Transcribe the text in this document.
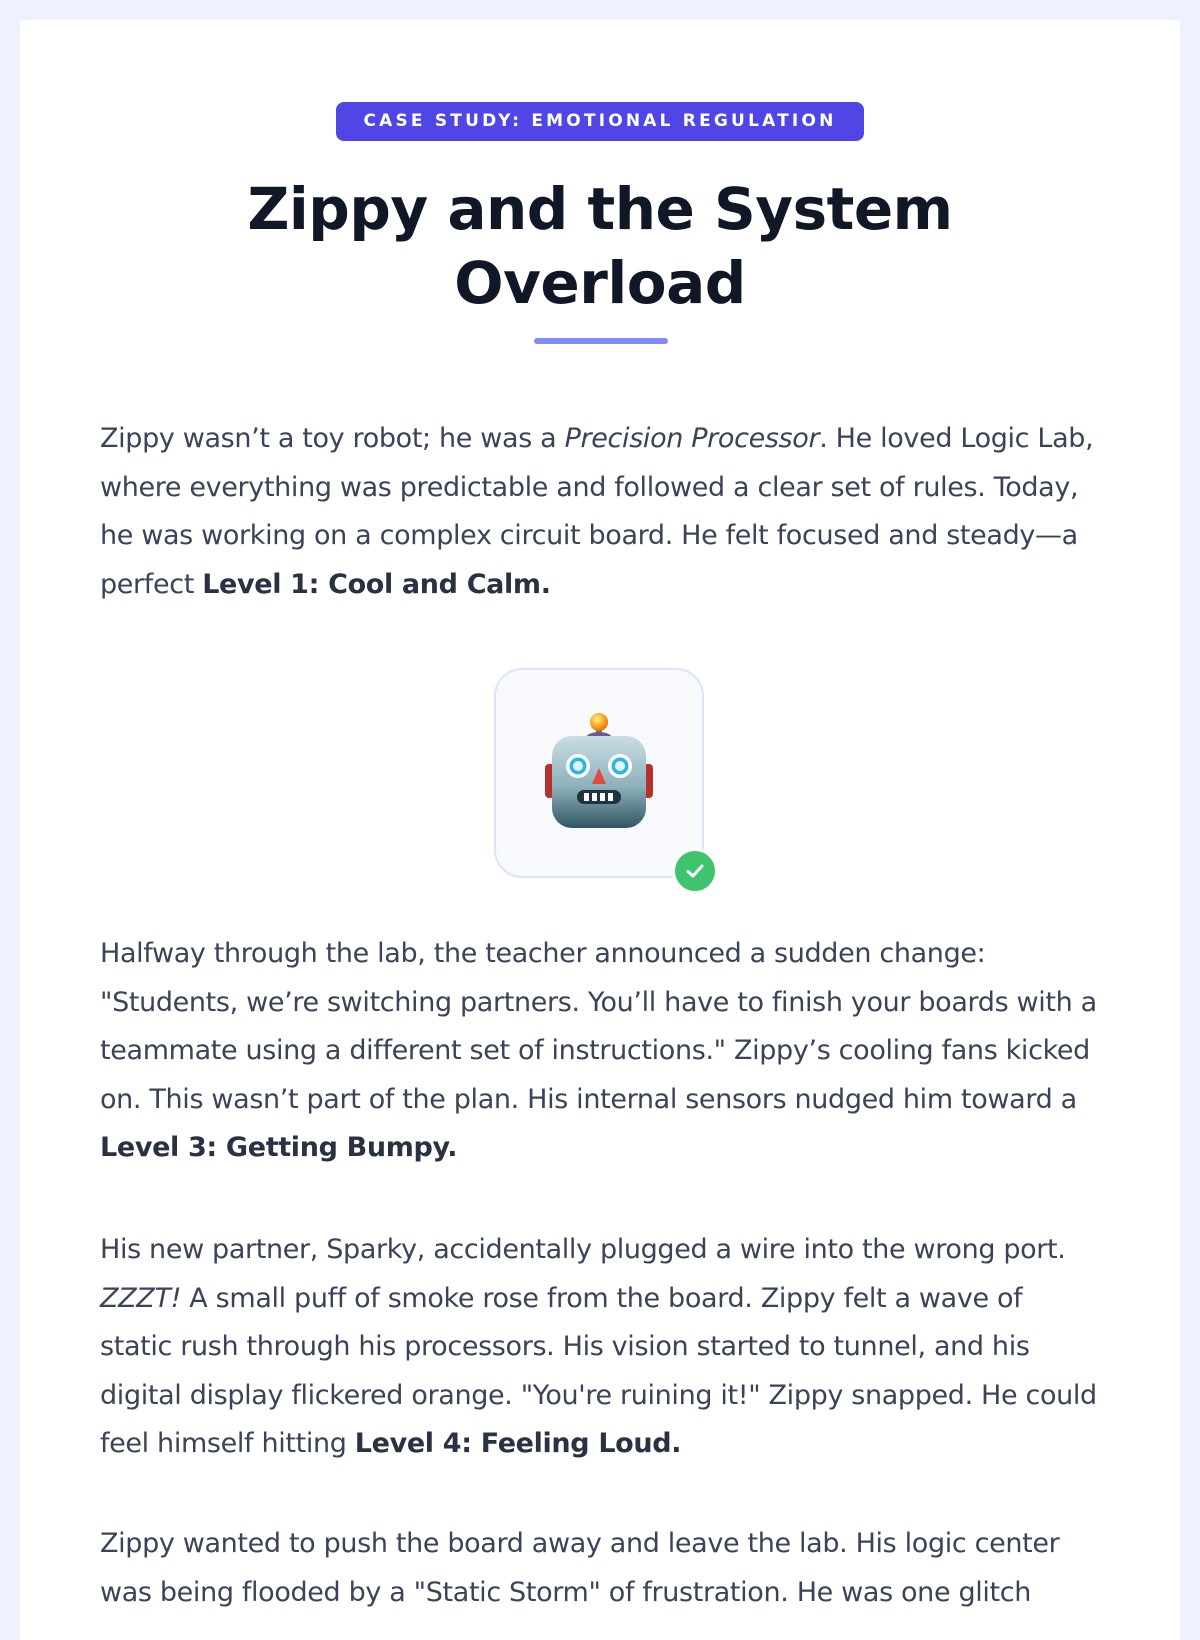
CASE STUDY: EMOTIONAL REGULATION
Zippy and the System
Overload

Zippy wasn’t a toy robot; he was a Precision Processor. He loved Logic Lab, where everything was predictable and followed a clear set of rules. Today, he was working on a complex circuit board. He felt focused and steady—a perfect Level 1: Cool and Calm.

Halfway through the lab, the teacher announced a sudden change: "Students, we’re switching partners. You’ll have to finish your boards with a teammate using a different set of instructions." Zippy’s cooling fans kicked on. This wasn’t part of the plan. His internal sensors nudged him toward a Level 3: Getting Bumpy.

His new partner, Sparky, accidentally plugged a wire into the wrong port. ZZZT! A small puff of smoke rose from the board. Zippy felt a wave of static rush through his processors. His vision started to tunnel, and his digital display flickered orange. "You're ruining it!" Zippy snapped. He could feel himself hitting Level 4: Feeling Loud.

Zippy wanted to push the board away and leave the lab. His logic center was being flooded by a "Static Storm" of frustration. He was one glitch
